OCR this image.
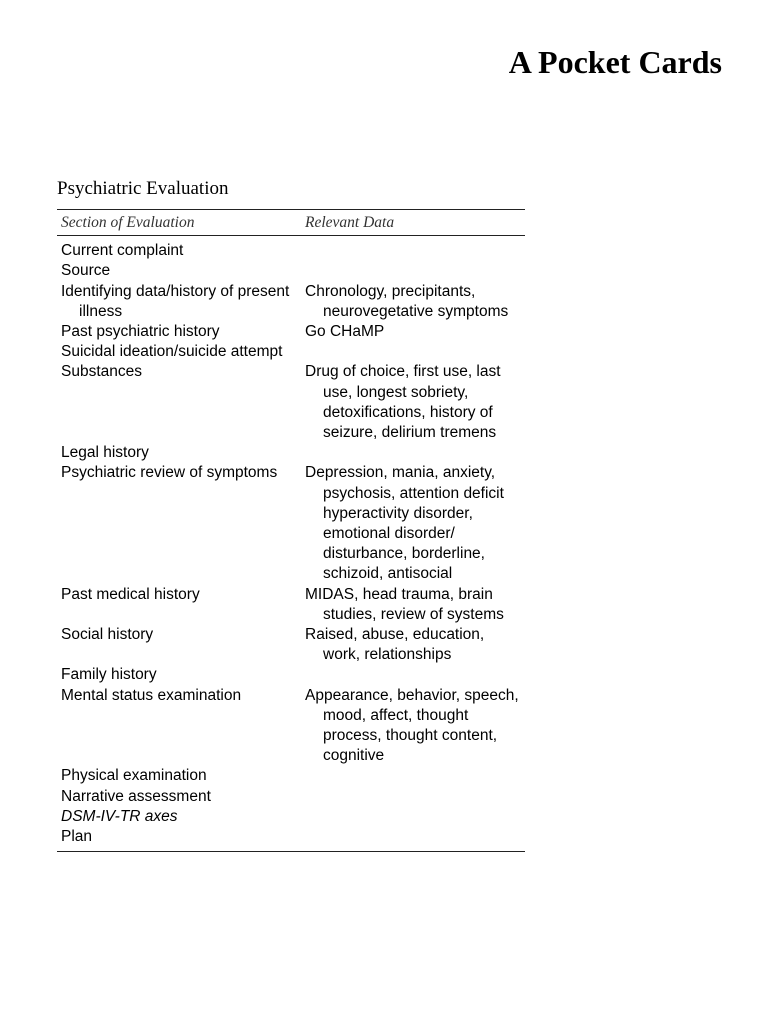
A Pocket Cards
Psychiatric Evaluation
Section of Evaluation	Relevant Data

Current complaint	

Source	

Identifying data/history of present illness	Chronology, precipitants, neurovegetative symptoms

Past psychiatric history	Go CHaMP

Suicidal ideation/suicide attempt	

Substances	Drug of choice, first use, last use, longest sobriety, detoxifications, history of seizure, delirium tremens

Legal history	

Psychiatric review of symptoms	Depression, mania, anxiety, psychosis, attention deficit hyperactivity disorder, emotional disorder/ disturbance, borderline, schizoid, antisocial

Past medical history	MIDAS, head trauma, brain studies, review of systems

Social history	Raised, abuse, education, work, relationships

Family history	

Mental status examination	Appearance, behavior, speech, mood, affect, thought process, thought content, cognitive

Physical examination	

Narrative assessment	

DSM-IV-TR axes	

Plan	
